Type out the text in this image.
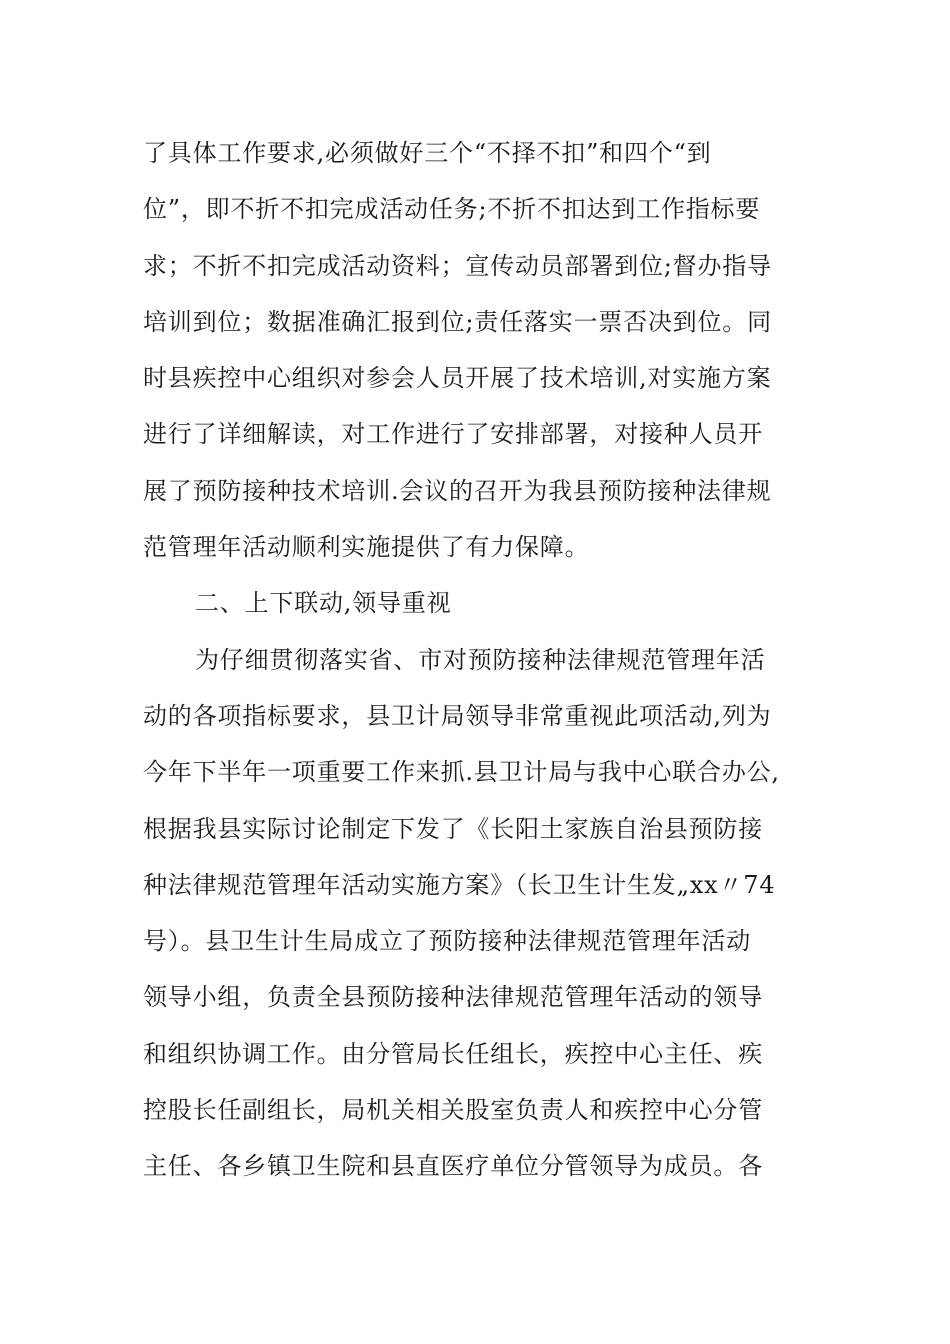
了具体工作要求,必须做好三个“不择不扣”和四个“到
位”，即不折不扣完成活动任务;不折不扣达到工作指标要
求；不折不扣完成活动资料；宣传动员部署到位;督办指导
培训到位；数据准确汇报到位;责任落实一票否决到位。同
时县疾控中心组织对参会人员开展了技术培训,对实施方案
进行了详细解读，对工作进行了安排部署，对接种人员开
展了预防接种技术培训.会议的召开为我县预防接种法律规
范管理年活动顺利实施提供了有力保障。
二、上下联动,领导重视
为仔细贯彻落实省、市对预防接种法律规范管理年活
动的各项指标要求，县卫计局领导非常重视此项活动,列为
今年下半年一项重要工作来抓.县卫计局与我中心联合办公,
根据我县实际讨论制定下发了《长阳土家族自治县预防接
种法律规范管理年活动实施方案》（长卫生计生发„xx〃74
号）。县卫生计生局成立了预防接种法律规范管理年活动
领导小组，负责全县预防接种法律规范管理年活动的领导
和组织协调工作。由分管局长任组长，疾控中心主任、疾
控股长任副组长，局机关相关股室负责人和疾控中心分管
主任、各乡镇卫生院和县直医疗单位分管领导为成员。各
